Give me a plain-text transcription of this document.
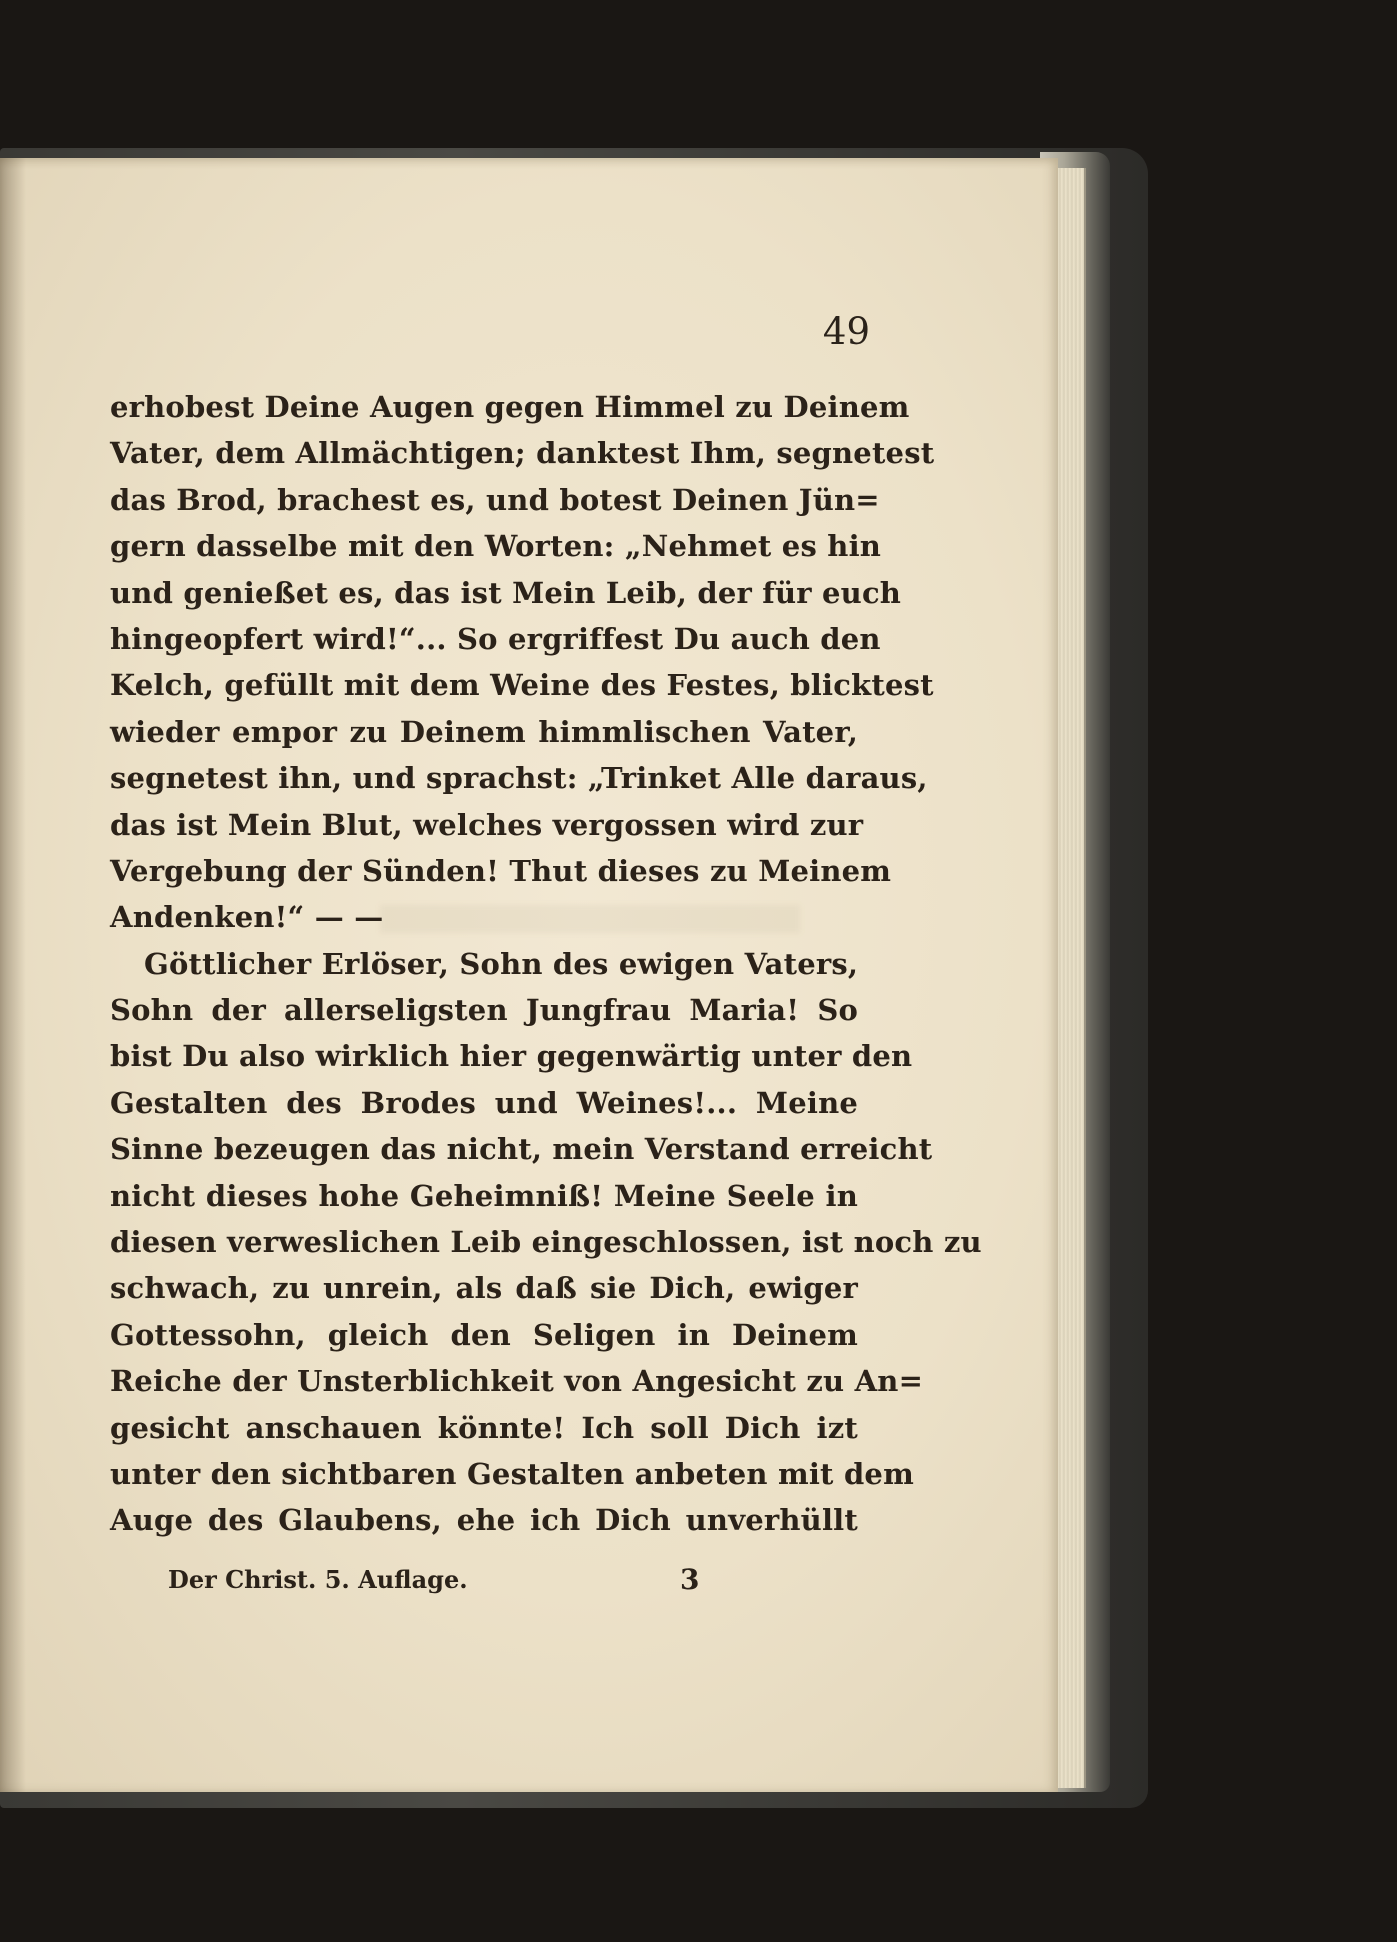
49
erhobest Deine Augen gegen Himmel zu Deinem
Vater, dem Allmächtigen; danktest Ihm, segnetest
das Brod, brachest es, und botest Deinen Jün=
gern dasselbe mit den Worten: „Nehmet es hin
und genießet es, das ist Mein Leib, der für euch
hingeopfert wird!“... So ergriffest Du auch den
Kelch, gefüllt mit dem Weine des Festes, blicktest
wieder empor zu Deinem himmlischen Vater,
segnetest ihn, und sprachst: „Trinket Alle daraus,
das ist Mein Blut, welches vergossen wird zur
Vergebung der Sünden! Thut dieses zu Meinem
Andenken!“ — —
Göttlicher Erlöser, Sohn des ewigen Vaters,
Sohn der allerseligsten Jungfrau Maria! So
bist Du also wirklich hier gegenwärtig unter den
Gestalten des Brodes und Weines!... Meine
Sinne bezeugen das nicht, mein Verstand erreicht
nicht dieses hohe Geheimniß! Meine Seele in
diesen verweslichen Leib eingeschlossen, ist noch zu
schwach, zu unrein, als daß sie Dich, ewiger
Gottessohn, gleich den Seligen in Deinem
Reiche der Unsterblichkeit von Angesicht zu An=
gesicht anschauen könnte! Ich soll Dich izt
unter den sichtbaren Gestalten anbeten mit dem
Auge des Glaubens, ehe ich Dich unverhüllt
Der Christ. 5. Auflage.	3
